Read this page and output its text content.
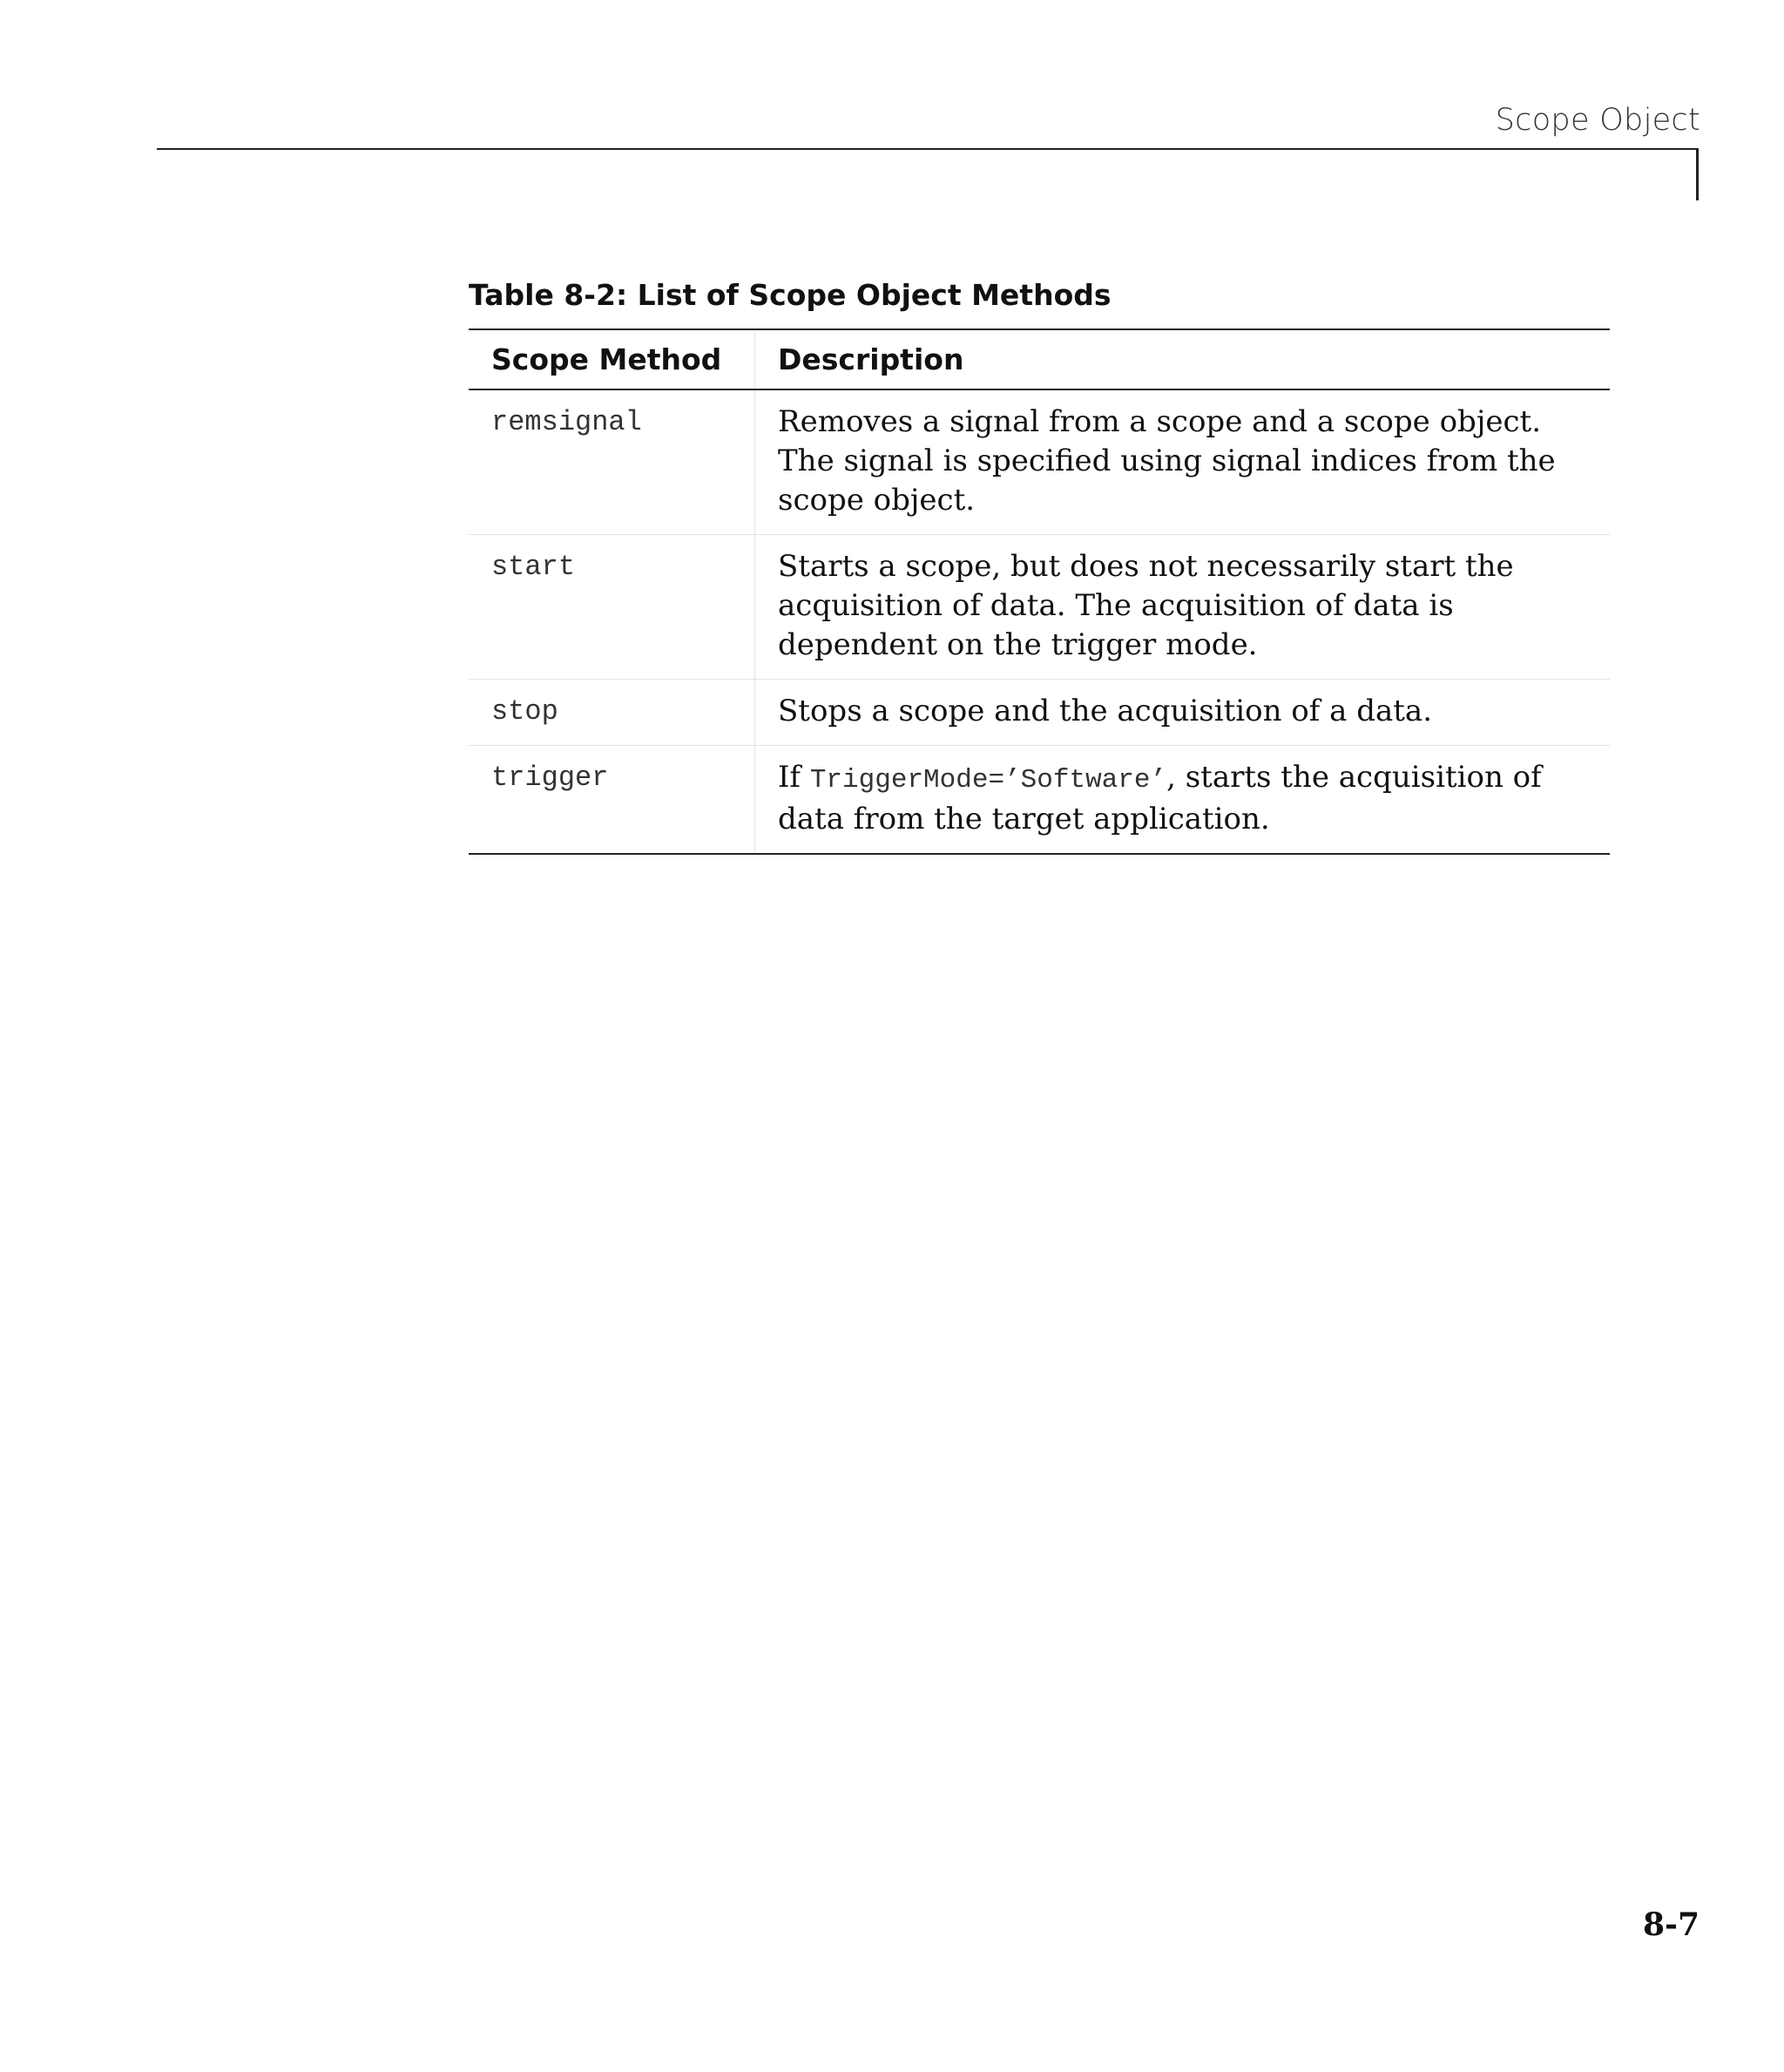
Scope Object
Table 8-2: List of Scope Object Methods
Scope Method	Description
remsignal	Removes a signal from a scope and a scope object. The signal is specified using signal indices from the scope object.
start	Starts a scope, but does not necessarily start the acquisition of data. The acquisition of data is dependent on the trigger mode.
stop	Stops a scope and the acquisition of a data.
trigger	If TriggerMode=’Software’, starts the acquisition of data from the target application.
8-7
